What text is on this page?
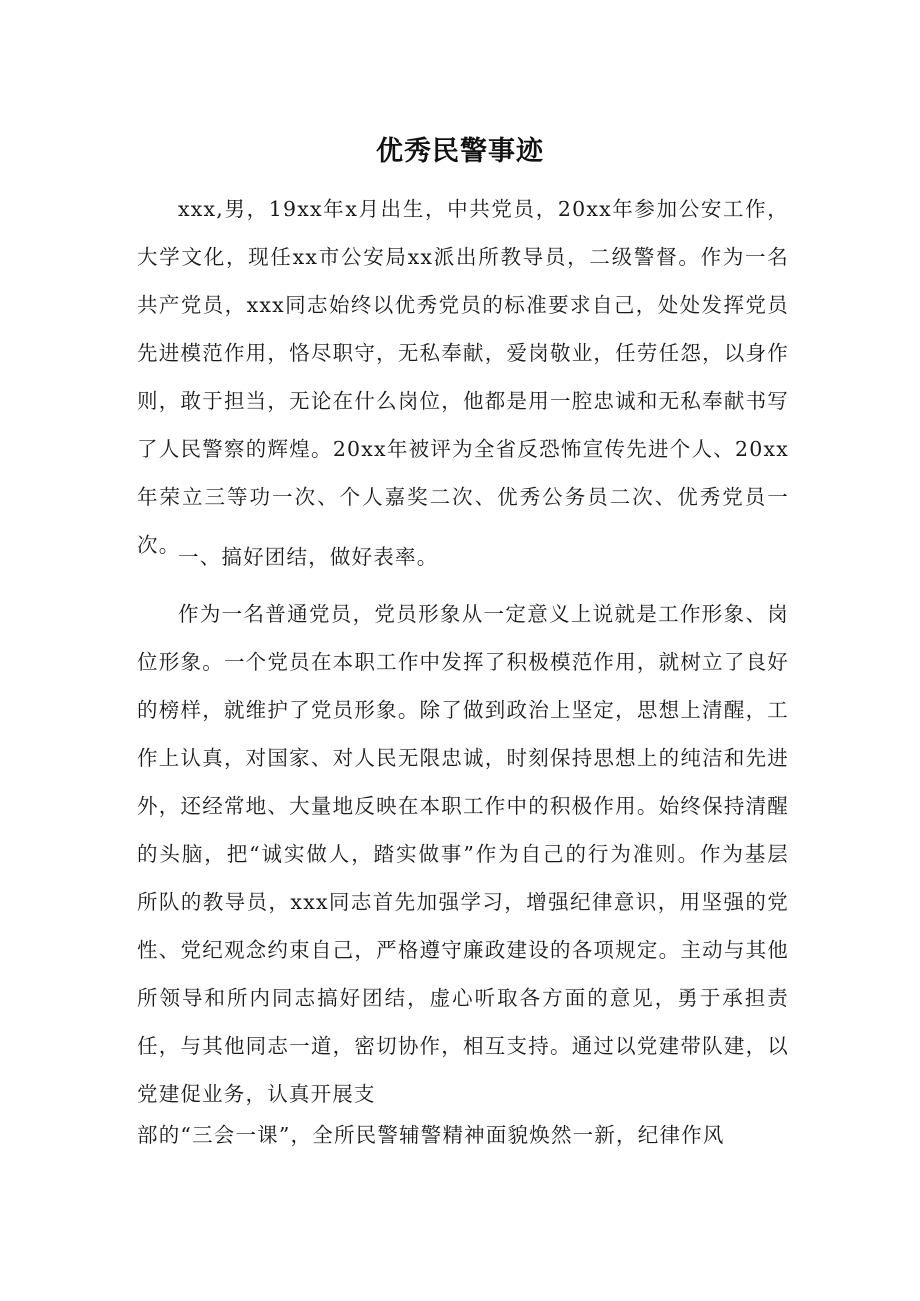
优秀民警事迹

xxx,男，19xx年x月出生，中共党员，20xx年参加公安工作，大学文化，现任xx市公安局xx派出所教导员，二级警督。作为一名共产党员，xxx同志始终以优秀党员的标准要求自己，处处发挥党员先进模范作用，恪尽职守，无私奉献，爱岗敬业，任劳任怨，以身作则，敢于担当，无论在什么岗位，他都是用一腔忠诚和无私奉献书写了人民警察的辉煌。20xx年被评为全省反恐怖宣传先进个人、20xx年荣立三等功一次、个人嘉奖二次、优秀公务员二次、优秀党员一次。

一、搞好团结，做好表率。

作为一名普通党员，党员形象从一定意义上说就是工作形象、岗位形象。一个党员在本职工作中发挥了积极模范作用，就树立了良好的榜样，就维护了党员形象。除了做到政治上坚定，思想上清醒，工作上认真，对国家、对人民无限忠诚，时刻保持思想上的纯洁和先进外，还经常地、大量地反映在本职工作中的积极作用。始终保持清醒的头脑，把“诚实做人，踏实做事”作为自己的行为准则。作为基层所队的教导员，xxx同志首先加强学习，增强纪律意识，用坚强的党性、党纪观念约束自己，严格遵守廉政建设的各项规定。主动与其他所领导和所内同志搞好团结，虚心听取各方面的意见，勇于承担责任，与其他同志一道，密切协作，相互支持。通过以党建带队建，以党建促业务，认真开展支

部的“三会一课”，全所民警辅警精神面貌焕然一新，纪律作风
